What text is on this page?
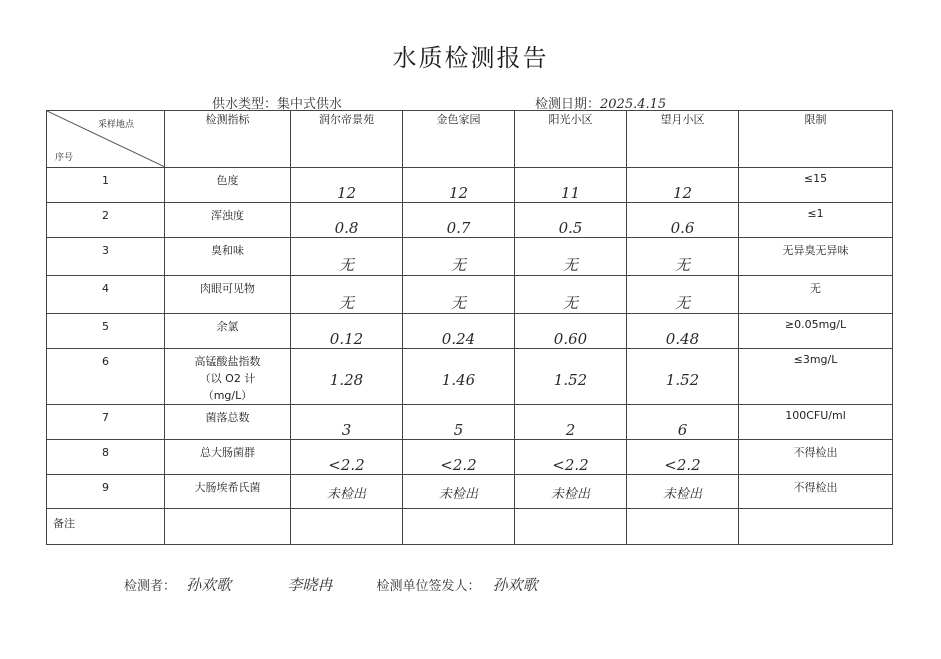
水质检测报告
供水类型：集中式供水	检测日期：2025.4.15
采样地点
序号	检测指标	润尔帝景苑	金色家园	阳光小区	望月小区	限制
1	色度	12	12	11	12	≤15
2	浑浊度	0.8	0.7	0.5	0.6	≤1
3	臭和味	无	无	无	无	无异臭无异味
4	肉眼可见物	无	无	无	无	无
5	余氯	0.12	0.24	0.60	0.48	≥0.05mg/L
6	高锰酸盐指数
（以 O2 计
（mg/L）	1.28	1.46	1.52	1.52	≤3mg/L
7	菌落总数	3	5	2	6	100CFU/ml
8	总大肠菌群	<2.2	<2.2	<2.2	<2.2	不得检出
9	大肠埃希氏菌	未检出	未检出	未检出	未检出	不得检出
备注						
检测者： 孙欢歌	李晓冉	检测单位签发人： 孙欢歌
